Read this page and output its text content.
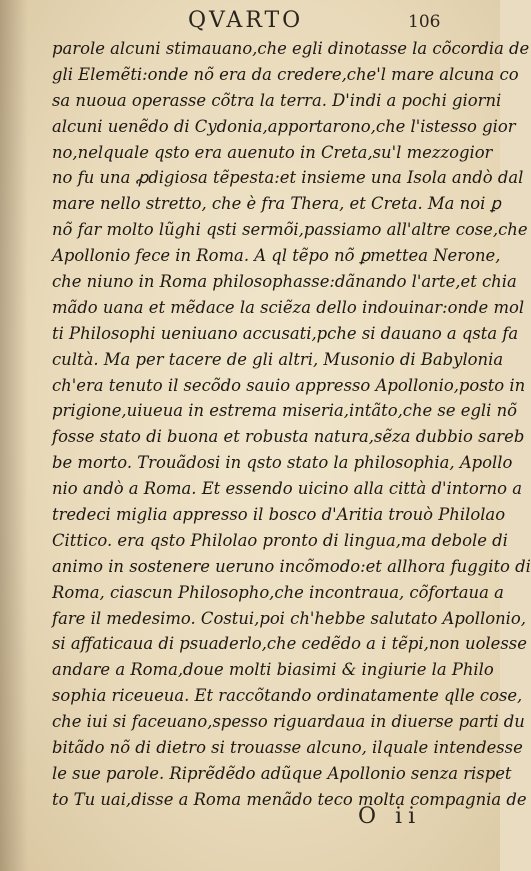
QVARTO	106
parole alcuni stimauano,che egli dinotasse la cõcordia de
gli Elemẽti:onde nõ era da credere,che'l mare alcuna co
sa nuoua operasse cõtra la terra. D'indi a pochi giorni
alcuni uenẽdo di Cydonia,apportarono,che l'istesso gior
no,nelquale qsto era auenuto in Creta,su'l mezzogior
no fu una ꝓdigiosa tẽpesta:et insieme una Isola andò dal
mare nello stretto, che è fra Thera, et Creta. Ma noi ꝑ
nõ far molto lũghi qsti sermõi,passiamo all'altre cose,che
Apollonio fece in Roma. A ql tẽpo nõ ꝑmettea Nerone,
che niuno in Roma philosophasse:dãnando l'arte,et chia
mãdo uana et mẽdace la sciẽza dello indouinar:onde mol
ti Philosophi ueniuano accusati,pche si dauano a qsta fa
cultà. Ma per tacere de gli altri, Musonio di Babylonia
ch'era tenuto il secõdo sauio appresso Apollonio,posto in
prigione,uiueua in estrema miseria,intãto,che se egli nõ
fosse stato di buona et robusta natura,sẽza dubbio sareb
be morto. Trouãdosi in qsto stato la philosophia, Apollo
nio andò a Roma. Et essendo uicino alla città d'intorno a
tredeci miglia appresso il bosco d'Aritia trouò Philolao
Cittico. era qsto Philolao pronto di lingua,ma debole di
animo in sostenere ueruno incõmodo:et allhora fuggito di
Roma, ciascun Philosopho,che incontraua, cõfortaua a
fare il medesimo. Costui,poi ch'hebbe salutato Apollonio,
si affaticaua di psuaderlo,che cedẽdo a i tẽpi,non uolesse
andare a Roma,doue molti biasimi & ingiurie la Philo
sophia riceueua. Et raccõtando ordinatamente qlle cose,
che iui si faceuano,spesso riguardaua in diuerse parti du
bitãdo nõ di dietro si trouasse alcuno, ilquale intendesse
le sue parole. Riprẽdẽdo adũque Apollonio senza rispet
to Tu uai,disse a Roma menãdo teco molta compagnia de
O ii
